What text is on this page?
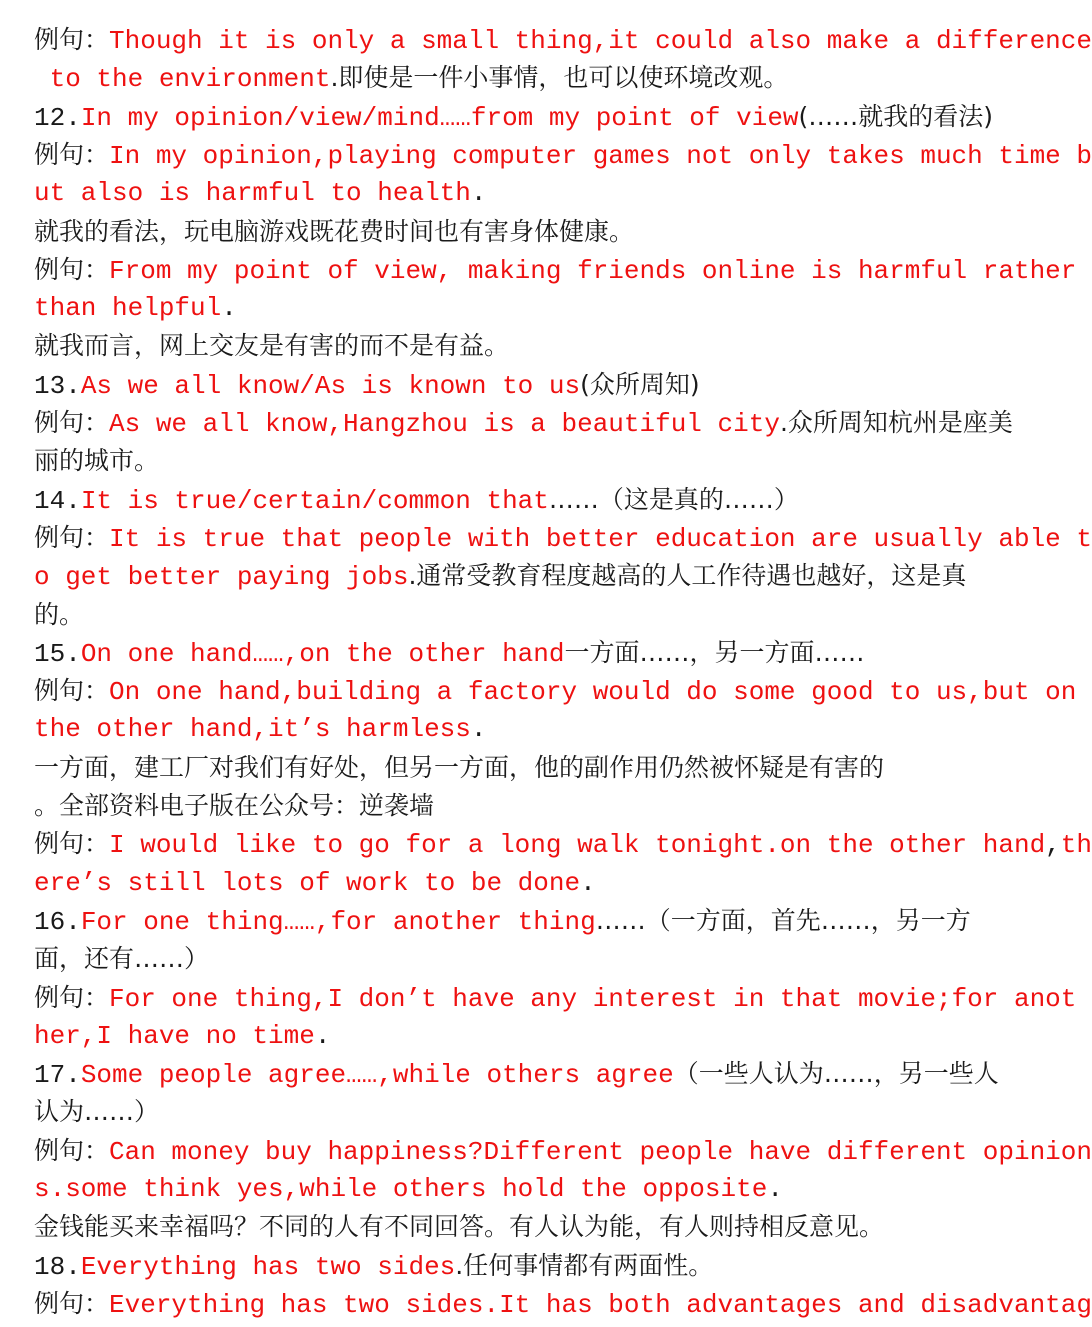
例句：Though it is only a small thing,it could also make a difference
to the environment.即使是一件小事情，也可以使环境改观。
12.In my opinion/view/mind……from my point of view(……就我的看法)
例句：In my opinion,playing computer games not only takes much time b
ut also is harmful to health.
就我的看法，玩电脑游戏既花费时间也有害身体健康。
例句：From my point of view, making friends online is harmful rather
than helpful.
就我而言，网上交友是有害的而不是有益。
13.As we all know/As is known to us(众所周知)
例句：As we all know,Hangzhou is a beautiful city.众所周知杭州是座美
丽的城市。
14.It is true/certain/common that……（这是真的……）
例句：It is true that people with better education are usually able t
o get better paying jobs.通常受教育程度越高的人工作待遇也越好，这是真
的。
15.On one hand……,on the other hand一方面……，另一方面……
例句：On one hand,building a factory would do some good to us,but on
the other hand,it’s harmless.
一方面，建工厂对我们有好处，但另一方面，他的副作用仍然被怀疑是有害的
。全部资料电子版在公众号：逆袭墙
例句：I would like to go for a long walk tonight.on the other hand,th
ere’s still lots of work to be done.
16.For one thing……,for another thing……（一方面，首先……，另一方
面，还有……）
例句：For one thing,I don’t have any interest in that movie;for anot
her,I have no time.
17.Some people agree……,while others agree（一些人认为……，另一些人
认为……）
例句：Can money buy happiness?Different people have different opinion
s.some think yes,while others hold the opposite.
金钱能买来幸福吗？不同的人有不同回答。有人认为能，有人则持相反意见。
18.Everything has two sides.任何事情都有两面性。
例句：Everything has two sides.It has both advantages and disadvantag
